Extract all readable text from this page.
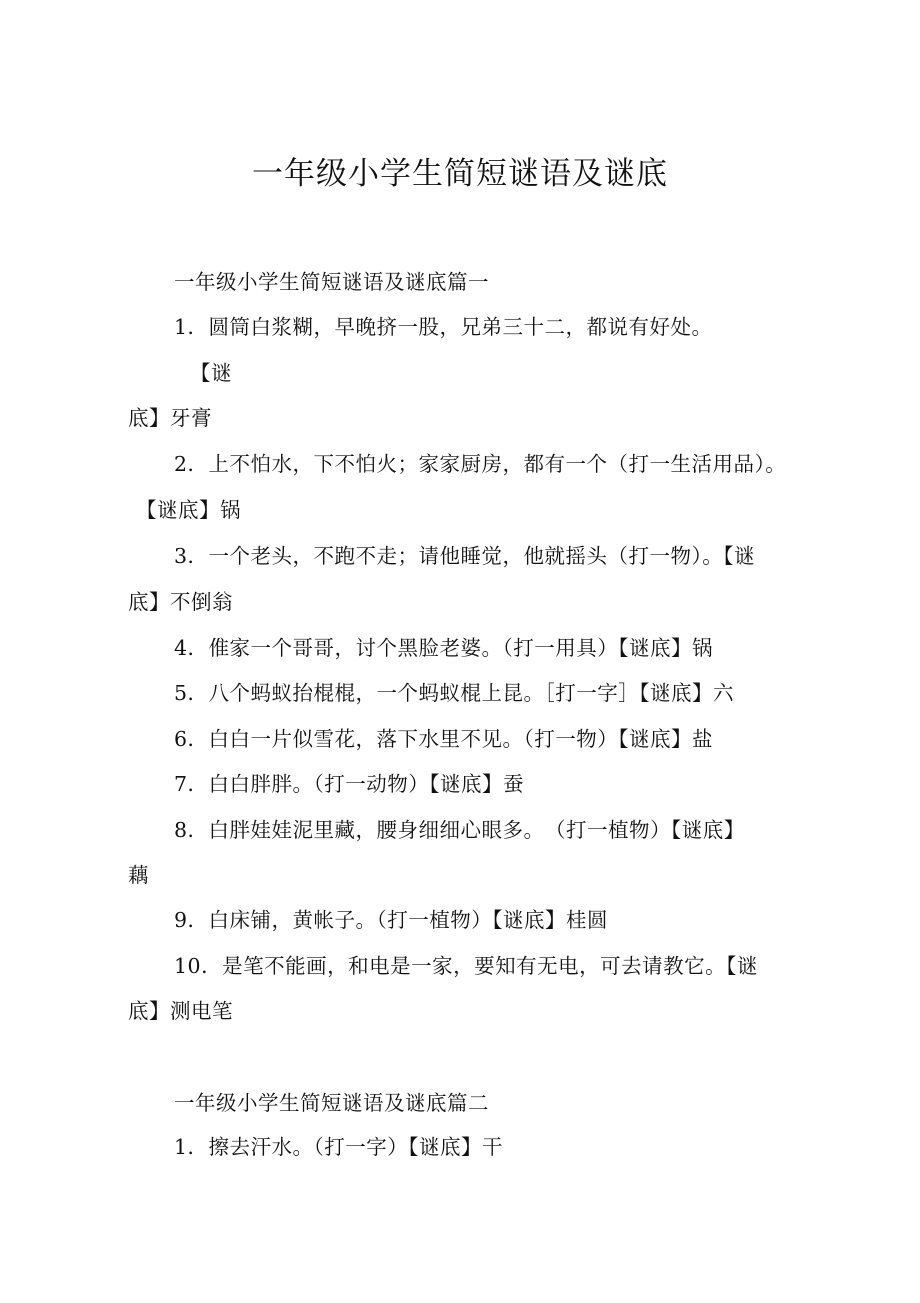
一年级小学生简短谜语及谜底
一年级小学生简短谜语及谜底篇一
1．圆筒白浆糊，早晚挤一股，兄弟三十二，都说有好处。
【谜
底】牙膏
2．上不怕水，下不怕火；家家厨房，都有一个（打一生活用品）。
【谜底】锅
3．一个老头，不跑不走；请他睡觉，他就摇头（打一物）。【谜
底】不倒翁
4．倠家一个哥哥，讨个黑脸老婆。（打一用具）【谜底】锅
5．八个蚂蚁抬棍棍，一个蚂蚁棍上昆。［打一字］【谜底】六
6．白白一片似雪花，落下水里不见。（打一物）【谜底】盐
7．白白胖胖。（打一动物）【谜底】蚕
8．白胖娃娃泥里藏，腰身细细心眼多。　（打一植物）【谜底】
藕
9．白床铺，黄帐子。（打一植物）【谜底】桂圆
10．是笔不能画，和电是一家，要知有无电，可去请教它。【谜
底】测电笔
一年级小学生简短谜语及谜底篇二
1．擦去汗水。（打一字）【谜底】干
